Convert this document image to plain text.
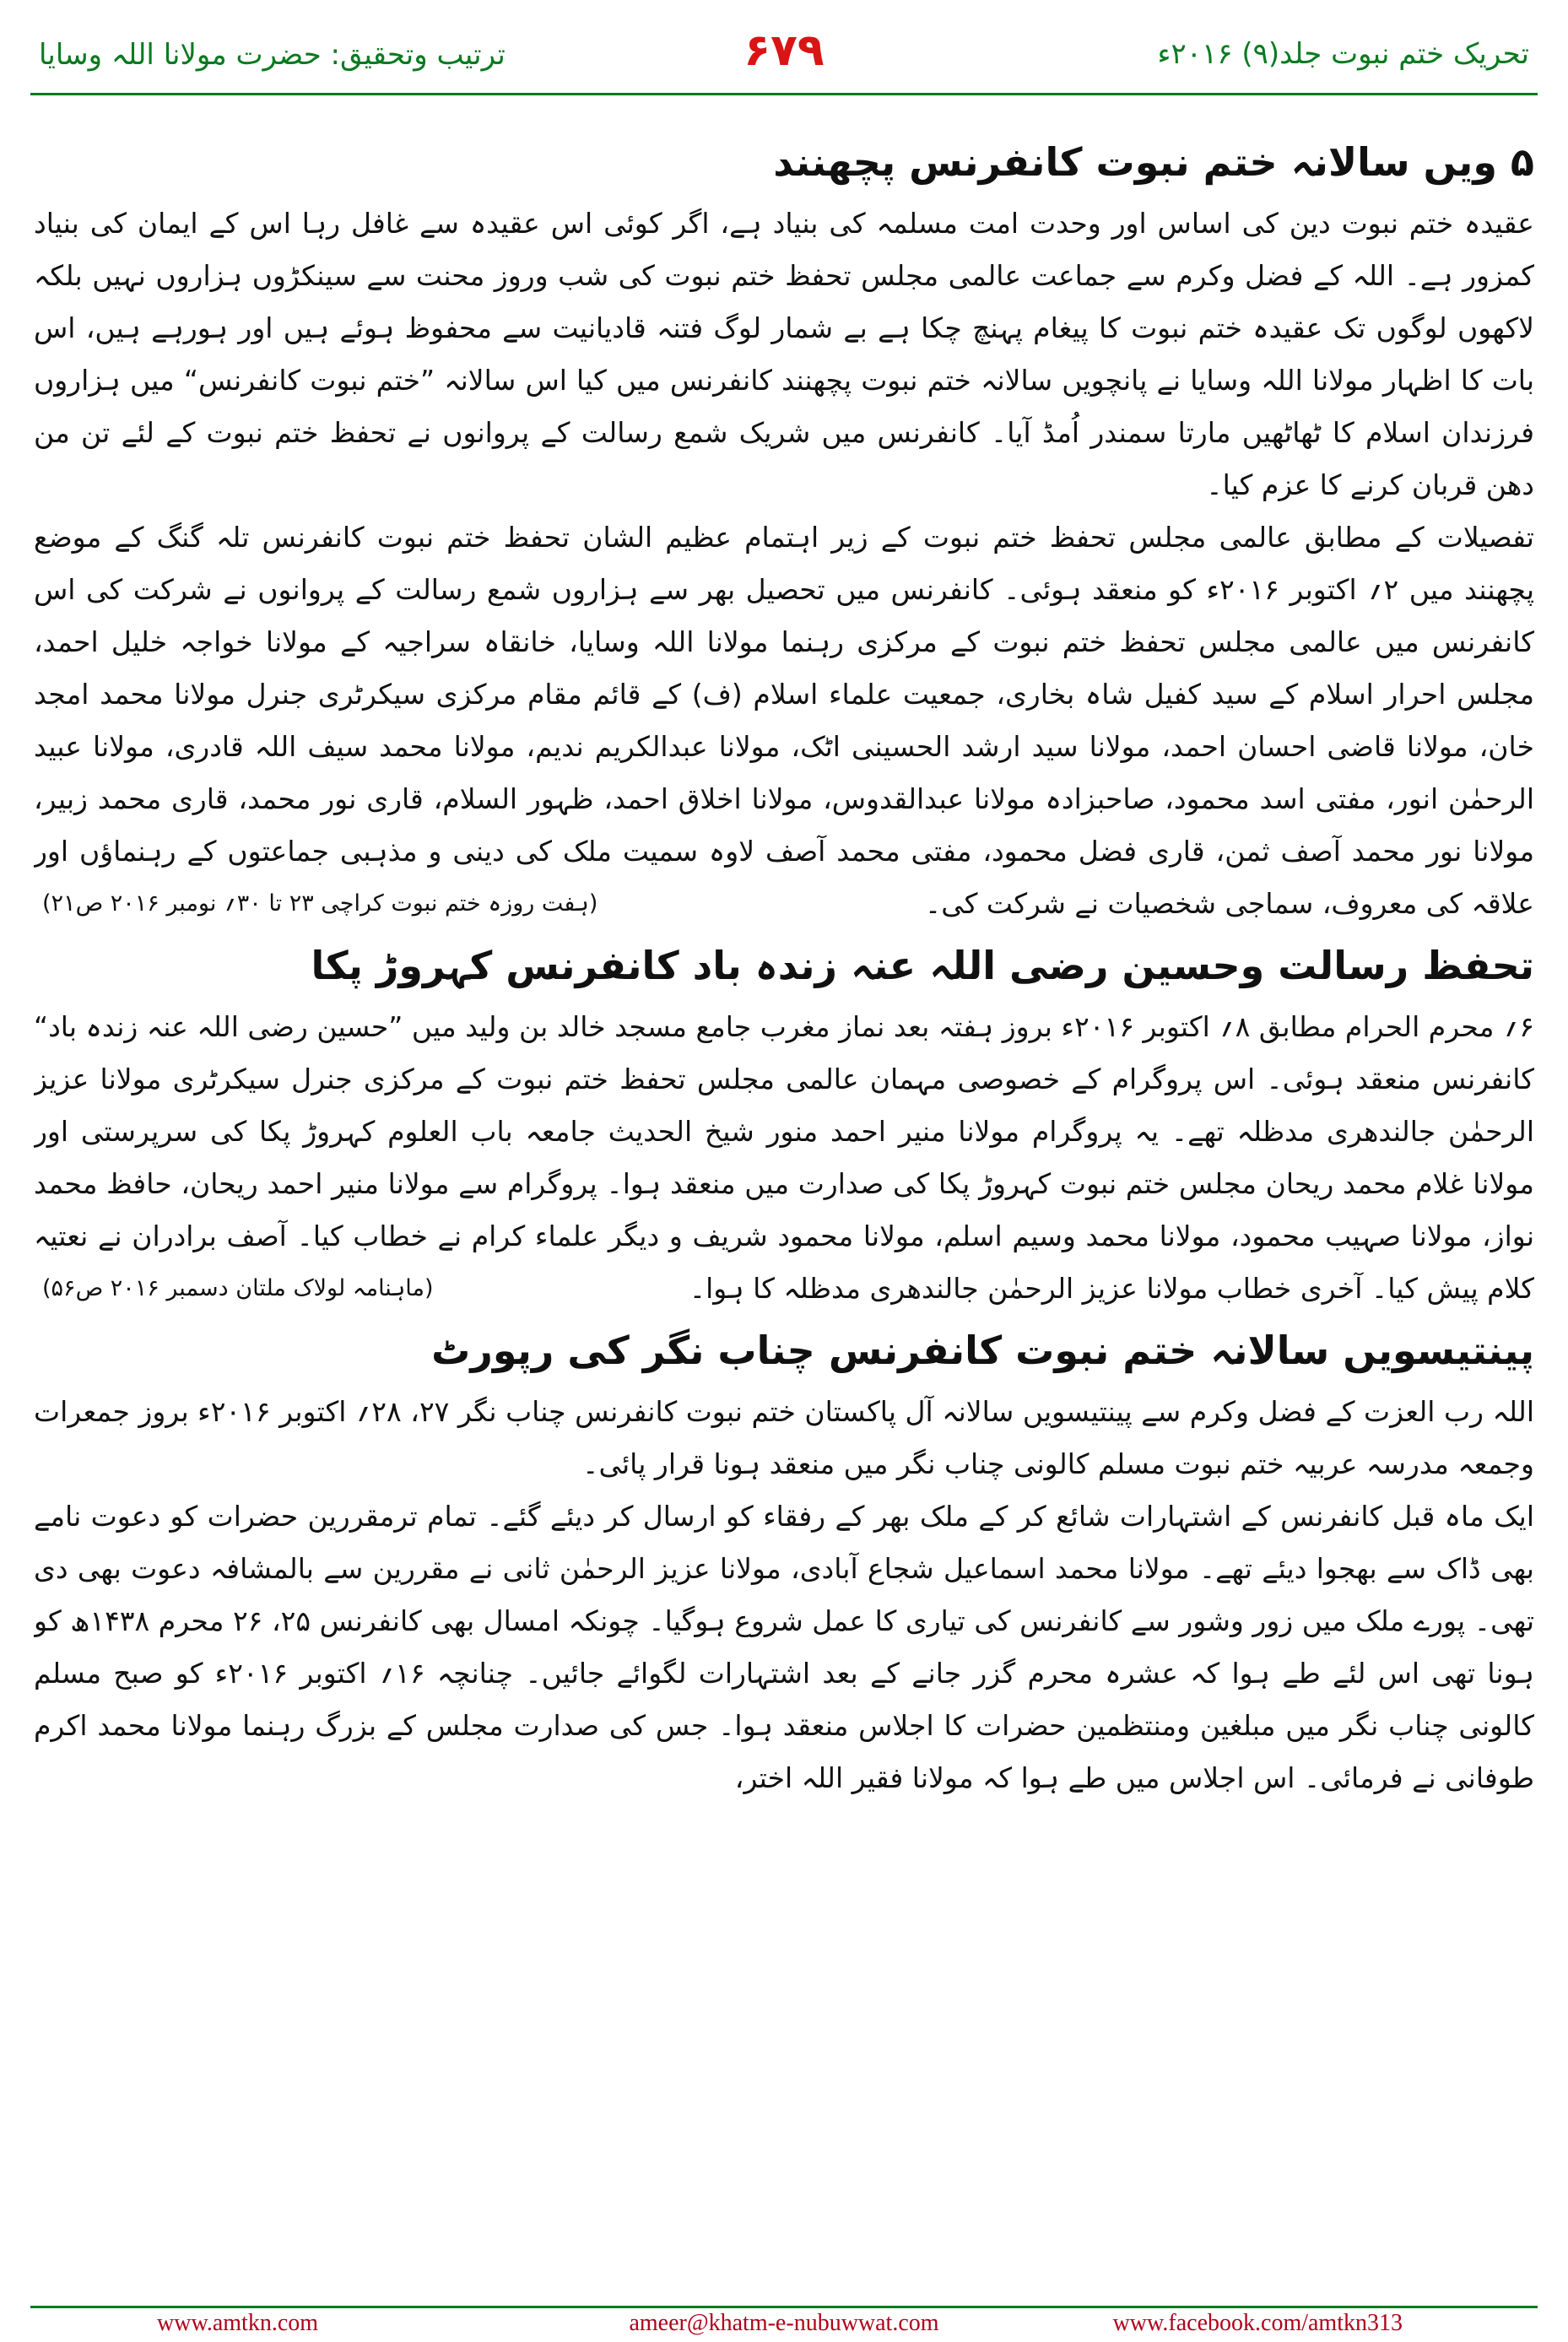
تحریک ختم نبوت جلد(۹) ۲۰۱۶ء
۶۷۹
ترتیب وتحقیق: حضرت مولانا اللہ وسایا
۵ ویں سالانہ ختم نبوت کانفرنس پچھنند

عقیدہ ختم نبوت دین کی اساس اور وحدت امت مسلمہ کی بنیاد ہے، اگر کوئی اس عقیدہ سے غافل رہا اس کے ایمان کی بنیاد کمزور ہے۔ اللہ کے فضل وکرم سے جماعت عالمی مجلس تحفظ ختم نبوت کی شب وروز محنت سے سینکڑوں ہزاروں نہیں بلکہ لاکھوں لوگوں تک عقیدہ ختم نبوت کا پیغام پہنچ چکا ہے بے شمار لوگ فتنہ قادیانیت سے محفوظ ہوئے ہیں اور ہورہے ہیں، اس بات کا اظہار مولانا اللہ وسایا نے پانچویں سالانہ ختم نبوت پچھنند کانفرنس میں کیا اس سالانہ ”ختم نبوت کانفرنس“ میں ہزاروں فرزندان اسلام کا ٹھاٹھیں مارتا سمندر اُمڈ آیا۔ کانفرنس میں شریک شمع رسالت کے پروانوں نے تحفظ ختم نبوت کے لئے تن من دھن قربان کرنے کا عزم کیا۔

تفصیلات کے مطابق عالمی مجلس تحفظ ختم نبوت کے زیر اہتمام عظیم الشان تحفظ ختم نبوت کانفرنس تلہ گنگ کے موضع پچھنند میں ۲؍ اکتوبر ۲۰۱۶ء کو منعقد ہوئی۔ کانفرنس میں تحصیل بھر سے ہزاروں شمع رسالت کے پروانوں نے شرکت کی اس کانفرنس میں عالمی مجلس تحفظ ختم نبوت کے مرکزی رہنما مولانا اللہ وسایا، خانقاہ سراجیہ کے مولانا خواجہ خلیل احمد، مجلس احرار اسلام کے سید کفیل شاہ بخاری، جمعیت علماء اسلام (ف) کے قائم مقام مرکزی سیکرٹری جنرل مولانا محمد امجد خان، مولانا قاضی احسان احمد، مولانا سید ارشد الحسینی اٹک، مولانا عبدالکریم ندیم، مولانا محمد سیف اللہ قادری، مولانا عبید الرحمٰن انور، مفتی اسد محمود، صاحبزادہ مولانا عبدالقدوس، مولانا اخلاق احمد، ظہور السلام، قاری نور محمد، قاری محمد زبیر، مولانا نور محمد آصف ثمن، قاری فضل محمود، مفتی محمد آصف لاوہ سمیت ملک کی دینی و مذہبی جماعتوں کے رہنماؤں اور علاقہ کی معروف، سماجی شخصیات نے شرکت کی۔
(ہفت روزہ ختم نبوت کراچی ۲۳ تا ۳۰؍ نومبر ۲۰۱۶ ص۲۱)

تحفظ رسالت وحسین رضی اللہ عنہ زندہ باد کانفرنس کہروڑ پکا

۶؍ محرم الحرام مطابق ۸؍ اکتوبر ۲۰۱۶ء بروز ہفتہ بعد نماز مغرب جامع مسجد خالد بن ولید میں ”حسین رضی اللہ عنہ زندہ باد“ کانفرنس منعقد ہوئی۔ اس پروگرام کے خصوصی مہمان عالمی مجلس تحفظ ختم نبوت کے مرکزی جنرل سیکرٹری مولانا عزیز الرحمٰن جالندھری مدظلہ تھے۔ یہ پروگرام مولانا منیر احمد منور شیخ الحدیث جامعہ باب العلوم کہروڑ پکا کی سرپرستی اور مولانا غلام محمد ریحان مجلس ختم نبوت کہروڑ پکا کی صدارت میں منعقد ہوا۔ پروگرام سے مولانا منیر احمد ریحان، حافظ محمد نواز، مولانا صہیب محمود، مولانا محمد وسیم اسلم، مولانا محمود شریف و دیگر علماء کرام نے خطاب کیا۔ آصف برادران نے نعتیہ کلام پیش کیا۔ آخری خطاب مولانا عزیز الرحمٰن جالندھری مدظلہ کا ہوا۔
(ماہنامہ لولاک ملتان دسمبر ۲۰۱۶ ص۵۶)

پینتیسویں سالانہ ختم نبوت کانفرنس چناب نگر کی رپورٹ

اللہ رب العزت کے فضل وکرم سے پینتیسویں سالانہ آل پاکستان ختم نبوت کانفرنس چناب نگر ۲۷، ۲۸؍ اکتوبر ۲۰۱۶ء بروز جمعرات وجمعہ مدرسہ عربیہ ختم نبوت مسلم کالونی چناب نگر میں منعقد ہونا قرار پائی۔

ایک ماہ قبل کانفرنس کے اشتہارات شائع کر کے ملک بھر کے رفقاء کو ارسال کر دیئے گئے۔ تمام ترمقررین حضرات کو دعوت نامے بھی ڈاک سے بھجوا دیئے تھے۔ مولانا محمد اسماعیل شجاع آبادی، مولانا عزیز الرحمٰن ثانی نے مقررین سے بالمشافہ دعوت بھی دی تھی۔ پورے ملک میں زور وشور سے کانفرنس کی تیاری کا عمل شروع ہوگیا۔ چونکہ امسال بھی کانفرنس ۲۵، ۲۶ محرم ۱۴۳۸ھ کو ہونا تھی اس لئے طے ہوا کہ عشرہ محرم گزر جانے کے بعد اشتہارات لگوائے جائیں۔ چنانچہ ۱۶؍ اکتوبر ۲۰۱۶ء کو صبح مسلم کالونی چناب نگر میں مبلغین ومنتظمین حضرات کا اجلاس منعقد ہوا۔ جس کی صدارت مجلس کے بزرگ رہنما مولانا محمد اکرم طوفانی نے فرمائی۔ اس اجلاس میں طے ہوا کہ مولانا فقیر اللہ اختر،

www.amtkn.com	ameer@khatm-e-nubuwwat.com	www.facebook.com/amtkn313
